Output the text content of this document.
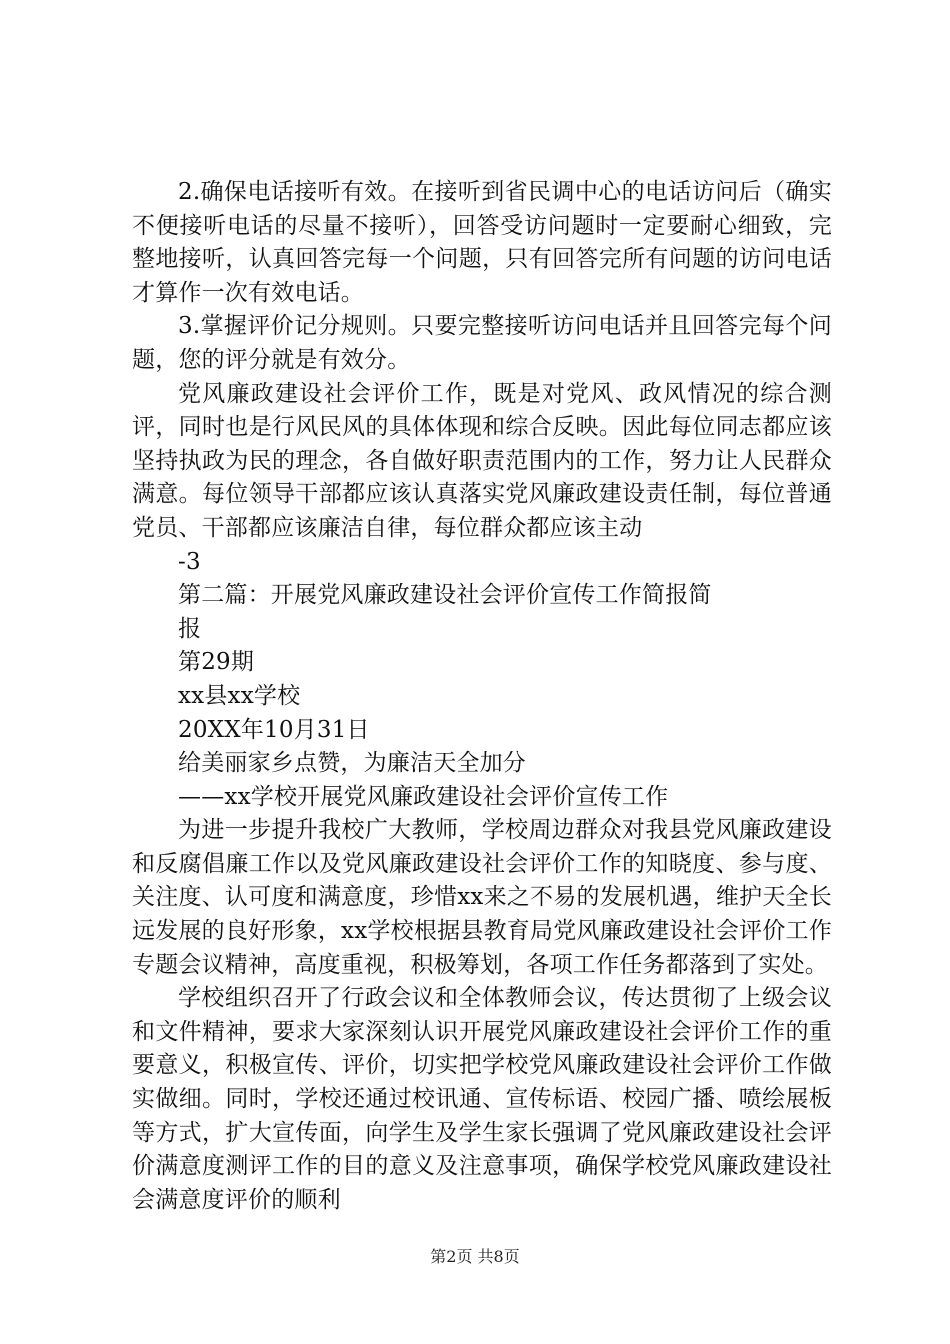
2.确保电话接听有效。在接听到省民调中心的电话访问后（确实不便接听电话的尽量不接听），回答受访问题时一定要耐心细致，完整地接听，认真回答完每一个问题，只有回答完所有问题的访问电话才算作一次有效电话。

3.掌握评价记分规则。只要完整接听访问电话并且回答完每个问题，您的评分就是有效分。

党风廉政建设社会评价工作，既是对党风、政风情况的综合测评，同时也是行风民风的具体体现和综合反映。因此每位同志都应该坚持执政为民的理念，各自做好职责范围内的工作，努力让人民群众满意。每位领导干部都应该认真落实党风廉政建设责任制，每位普通党员、干部都应该廉洁自律，每位群众都应该主动

-3

第二篇：开展党风廉政建设社会评价宣传工作简报简

报

第29期

xx县xx学校

20XX年10月31日

给美丽家乡点赞，为廉洁天全加分

——xx学校开展党风廉政建设社会评价宣传工作

为进一步提升我校广大教师，学校周边群众对我县党风廉政建设和反腐倡廉工作以及党风廉政建设社会评价工作的知晓度、参与度、关注度、认可度和满意度，珍惜xx来之不易的发展机遇，维护天全长远发展的良好形象，xx学校根据县教育局党风廉政建设社会评价工作专题会议精神，高度重视，积极筹划，各项工作任务都落到了实处。

学校组织召开了行政会议和全体教师会议，传达贯彻了上级会议和文件精神，要求大家深刻认识开展党风廉政建设社会评价工作的重要意义，积极宣传、评价，切实把学校党风廉政建设社会评价工作做实做细。同时，学校还通过校讯通、宣传标语、校园广播、喷绘展板等方式，扩大宣传面，向学生及学生家长强调了党风廉政建设社会评价满意度测评工作的目的意义及注意事项，确保学校党风廉政建设社会满意度评价的顺利

第2页 共8页
